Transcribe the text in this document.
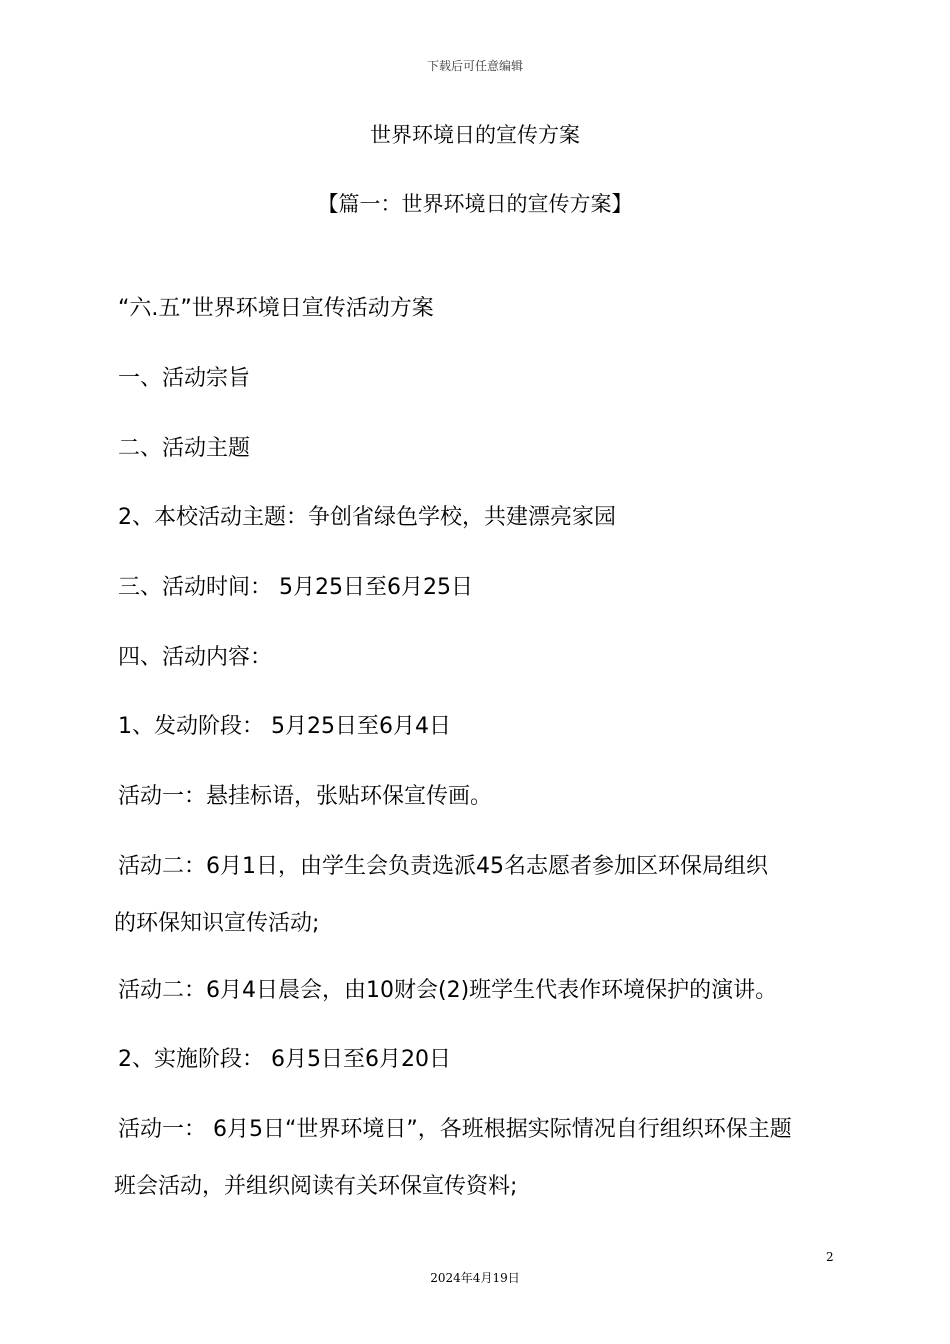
下载后可任意编辑
世界环境日的宣传方案
【篇一：世界环境日的宣传方案】

“六.五”世界环境日宣传活动方案

一、活动宗旨

二、活动主题

2、本校活动主题：争创省绿色学校，共建漂亮家园

三、活动时间： 5月25日至6月25日

四、活动内容：

1、发动阶段： 5月25日至6月4日

活动一：悬挂标语，张贴环保宣传画。

活动二：6月1日，由学生会负责选派45名志愿者参加区环保局组织
的环保知识宣传活动;

活动二：6月4日晨会，由10财会(2)班学生代表作环境保护的演讲。

2、实施阶段： 6月5日至6月20日

活动一： 6月5日“世界环境日”，各班根据实际情况自行组织环保主题
班会活动，并组织阅读有关环保宣传资料;
2
2024年4月19日
